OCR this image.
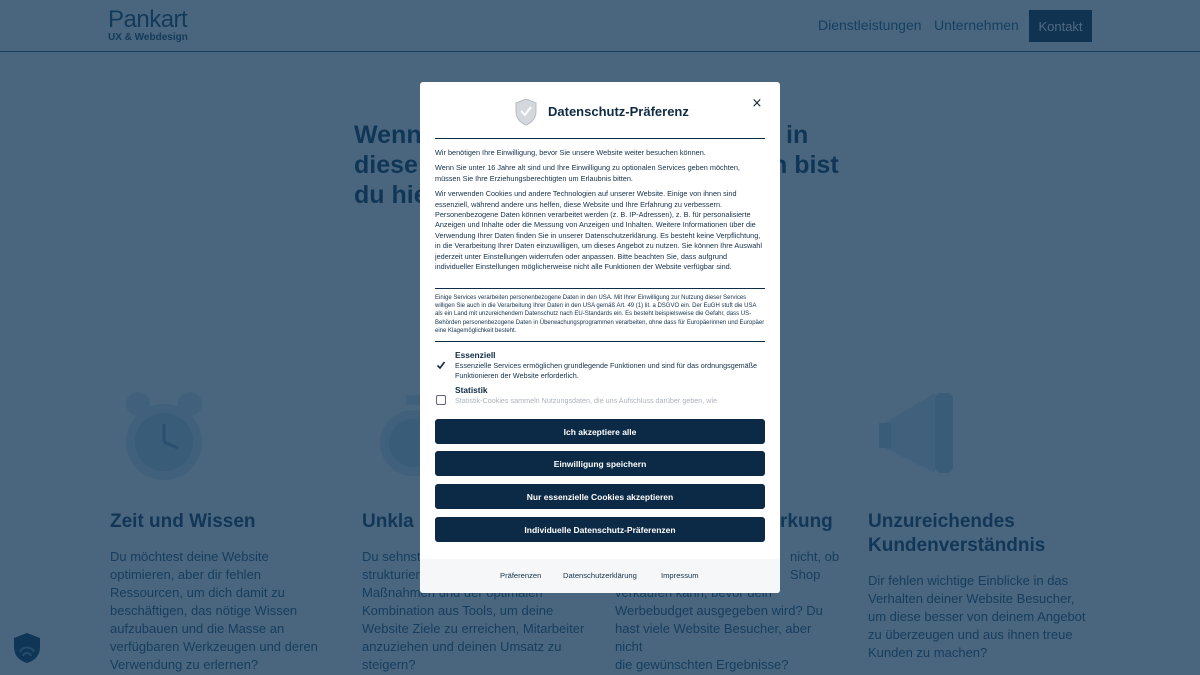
Datenschutz-Präferenz
×

Wir benötigen Ihre Einwilligung, bevor Sie unsere Website weiter besuchen können.

Wenn Sie unter 16 Jahre alt sind und Ihre Einwilligung zu optionalen Services geben möchten, müssen Sie Ihre Erziehungsberechtigten um Erlaubnis bitten.

Wir verwenden Cookies und andere Technologien auf unserer Website. Einige von ihnen sind essenziell, während andere uns helfen, diese Website und Ihre Erfahrung zu verbessern. Personenbezogene Daten können verarbeitet werden (z. B. IP-Adressen), z. B. für personalisierte Anzeigen und Inhalte oder die Messung von Anzeigen und Inhalten. Weitere Informationen über die Verwendung Ihrer Daten finden Sie in unserer Datenschutzerklärung. Es besteht keine Verpflichtung, in die Verarbeitung Ihrer Daten einzuwilligen, um dieses Angebot zu nutzen. Sie können Ihre Auswahl jederzeit unter Einstellungen widerrufen oder anpassen. Bitte beachten Sie, dass aufgrund individueller Einstellungen möglicherweise nicht alle Funktionen der Website verfügbar sind.

Einige Services verarbeiten personenbezogene Daten in den USA. Mit Ihrer Einwilligung zur Nutzung dieser Services willigen Sie auch in die Verarbeitung Ihrer Daten in den USA gemäß Art. 49 (1) lit. a DSGVO ein. Der EuGH stuft die USA als ein Land mit unzureichendem Datenschutz nach EU-Standards ein. Es besteht beispielsweise die Gefahr, dass US-Behörden personenbezogene Daten in Überwachungsprogrammen verarbeiten, ohne dass für Europäerinnen und Europäer eine Klagemöglichkeit besteht.

Essenziell
Essenzielle Services ermöglichen grundlegende Funktionen und sind für das ordnungsgemäße Funktionieren der Website erforderlich.
Statistik
Statistik-Cookies sammeln Nutzungsdaten, die uns Aufschluss darüber geben, wie
Ich akzeptiere alle
Einwilligung speichern
Nur essenzielle Cookies akzeptieren
Individuelle Datenschutz-Präferenzen
Präferenzen	Datenschutzerklärung	Impressum
